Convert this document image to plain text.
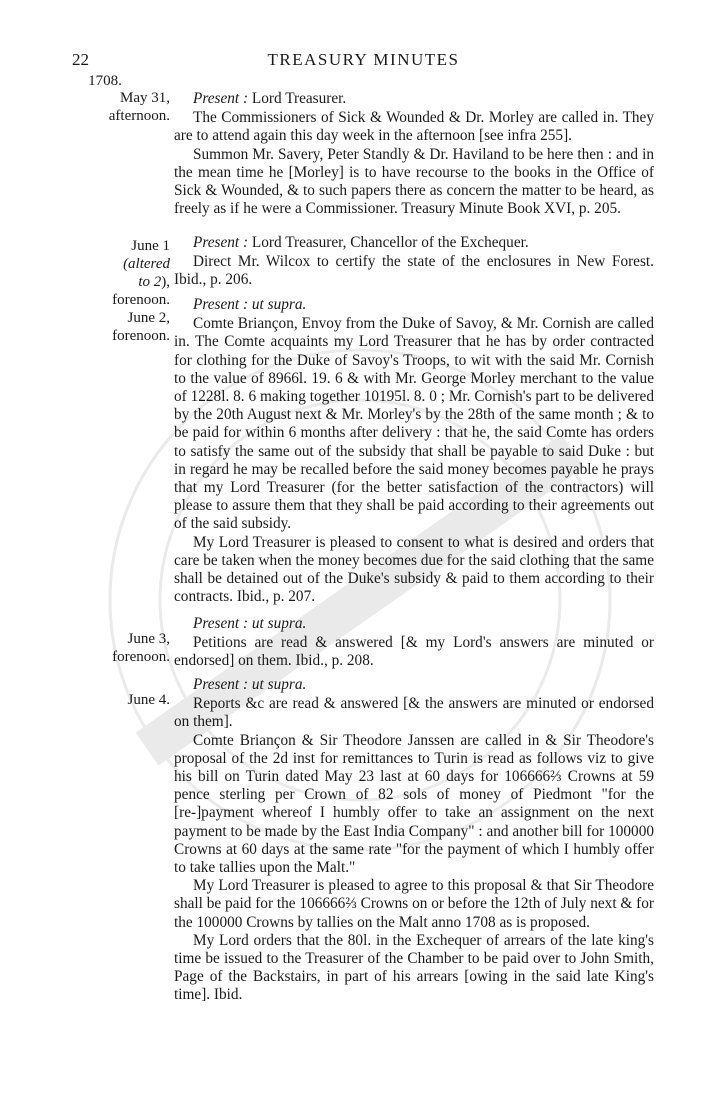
22	TREASURY MINUTES
1708.
May 31,
afternoon.
June 1
(altered
to 2),
forenoon.
June 2,
forenoon.
June 3,
forenoon.
June 4.

Present : Lord Treasurer.

The Commissioners of Sick & Wounded & Dr. Morley are called in. They are to attend again this day week in the afternoon [see infra 255].

Summon Mr. Savery, Peter Standly & Dr. Haviland to be here then : and in the mean time he [Morley] is to have recourse to the books in the Office of Sick & Wounded, & to such papers there as concern the matter to be heard, as freely as if he were a Commissioner. Treasury Minute Book XVI, p. 205.

Present : Lord Treasurer, Chancellor of the Exchequer.

Direct Mr. Wilcox to certify the state of the enclosures in New Forest. Ibid., p. 206.

Present : ut supra.

Comte Briançon, Envoy from the Duke of Savoy, & Mr. Cornish are called in. The Comte acquaints my Lord Treasurer that he has by order contracted for clothing for the Duke of Savoy's Troops, to wit with the said Mr. Cornish to the value of 8966l. 19. 6 & with Mr. George Morley merchant to the value of 1228l. 8. 6 making together 10195l. 8. 0 ; Mr. Cornish's part to be delivered by the 20th August next & Mr. Morley's by the 28th of the same month ; & to be paid for within 6 months after delivery : that he, the said Comte has orders to satisfy the same out of the subsidy that shall be payable to said Duke : but in regard he may be recalled before the said money becomes payable he prays that my Lord Treasurer (for the better satisfaction of the contractors) will please to assure them that they shall be paid according to their agreements out of the said subsidy.

My Lord Treasurer is pleased to consent to what is desired and orders that care be taken when the money becomes due for the said clothing that the same shall be detained out of the Duke's subsidy & paid to them according to their contracts. Ibid., p. 207.

Present : ut supra.

Petitions are read & answered [& my Lord's answers are minuted or endorsed] on them. Ibid., p. 208.

Present : ut supra.

Reports &c are read & answered [& the answers are minuted or endorsed on them].

Comte Briançon & Sir Theodore Janssen are called in & Sir Theodore's proposal of the 2d inst for remittances to Turin is read as follows viz to give his bill on Turin dated May 23 last at 60 days for 106666⅔ Crowns at 59 pence sterling per Crown of 82 sols of money of Piedmont "for the [re-]payment whereof I humbly offer to take an assignment on the next payment to be made by the East India Company" : and another bill for 100000 Crowns at 60 days at the same rate "for the payment of which I humbly offer to take tallies upon the Malt."

My Lord Treasurer is pleased to agree to this proposal & that Sir Theodore shall be paid for the 106666⅔ Crowns on or before the 12th of July next & for the 100000 Crowns by tallies on the Malt anno 1708 as is proposed.

My Lord orders that the 80l. in the Exchequer of arrears of the late king's time be issued to the Treasurer of the Chamber to be paid over to John Smith, Page of the Backstairs, in part of his arrears [owing in the said late King's time]. Ibid.
